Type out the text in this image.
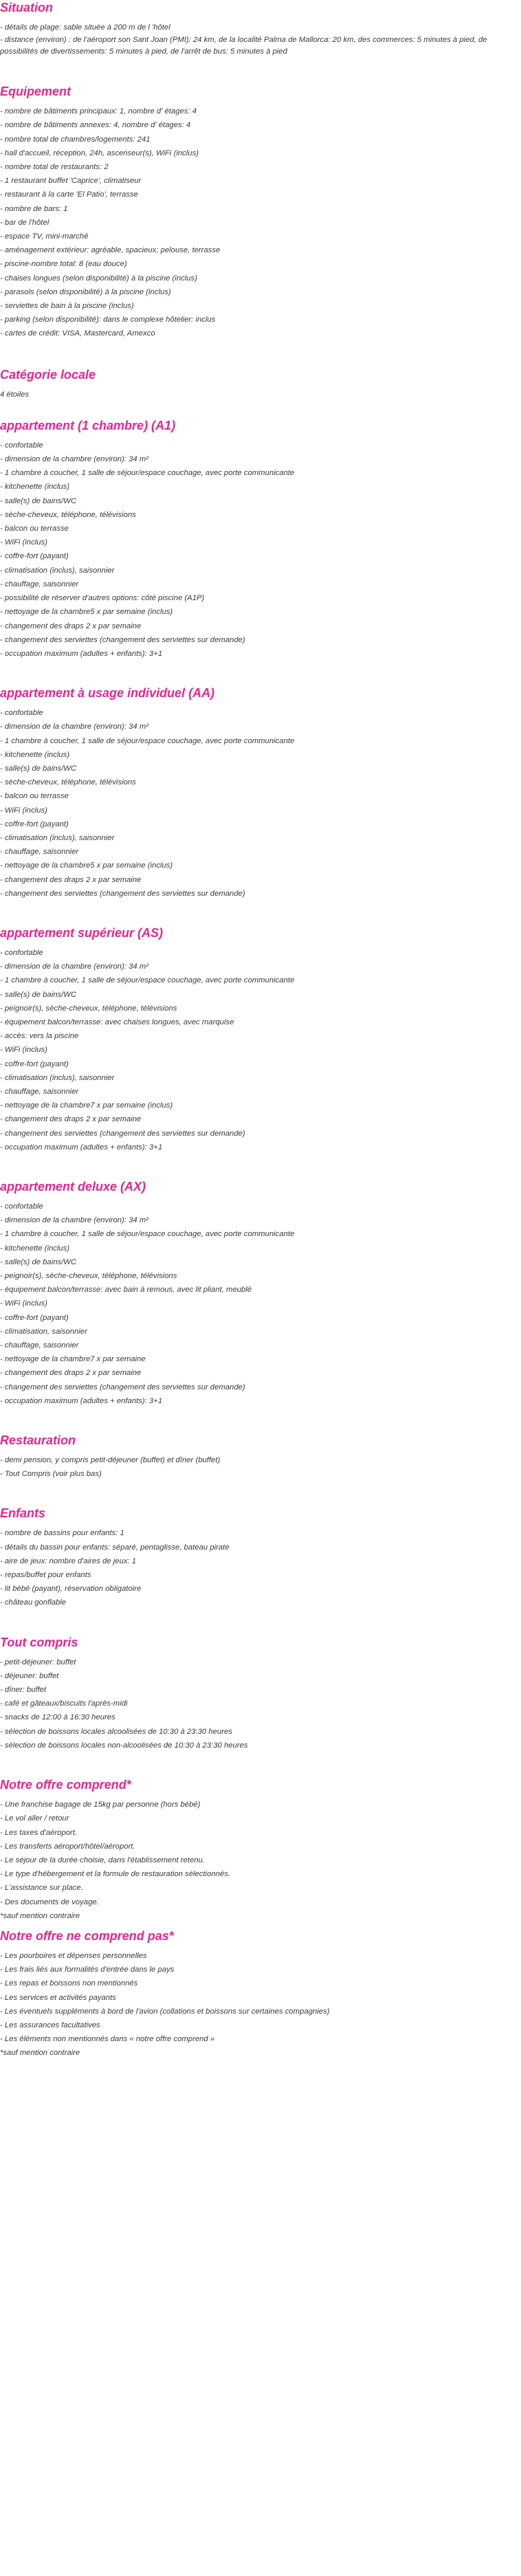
Situation

- détails de plage: sable située à 200 m de l 'hôtel

- distance (environ) : de l'aéroport son Sant Joan (PMI): 24 km, de la localité Palma de Mallorca: 20 km, des commerces: 5 minutes à pied, de possibilités de divertissements: 5 minutes à pied, de l'arrêt de bus: 5 minutes à pied

Equipement

- nombre de bâtiments principaux: 1, nombre d' étages: 4

- nombre de bâtiments annexes: 4, nombre d' étages: 4

- nombre total de chambres/logements: 241

- hall d'accueil, réception, 24h, ascenseur(s), WiFi (inclus)

- nombre total de restaurants: 2

- 1 restaurant buffet 'Caprice', climatiseur

- restaurant à la carte 'El Patio', terrasse

- nombre de bars: 1

- bar de l'hôtel

- espace TV, mini-marché

- aménagement extérieur: agréable, spacieux; pelouse, terrasse

- piscine-nombre total: 8 (eau douce)

- chaises longues (selon disponibilité) à la piscine (inclus)

- parasols (selon disponibilité) à la piscine (inclus)

- serviettes de bain à la piscine (inclus)

- parking (selon disponibilité): dans le complexe hôtelier: inclus

- cartes de crédit: VISA, Mastercard, Amexco

Catégorie locale

4 étoiles

appartement (1 chambre) (A1)

- confortable

- dimension de la chambre (environ): 34 m²

- 1 chambre à coucher, 1 salle de séjour/espace couchage, avec porte communicante

- kitchenette (inclus)

- salle(s) de bains/WC

- sèche-cheveux, téléphone, télévisions

- balcon ou terrasse

- WiFi (inclus)

- coffre-fort (payant)

- climatisation (inclus), saisonnier

- chauffage, saisonnier

- possibilité de réserver d'autres options: côté piscine (A1P)

- nettoyage de la chambre5 x par semaine (inclus)

- changement des draps 2 x par semaine

- changement des serviettes (changement des serviettes sur demande)

- occupation maximum (adultes + enfants): 3+1

appartement à usage individuel (AA)

- confortable

- dimension de la chambre (environ): 34 m²

- 1 chambre à coucher, 1 salle de séjour/espace couchage, avec porte communicante

- kitchenette (inclus)

- salle(s) de bains/WC

- sèche-cheveux, téléphone, télévisions

- balcon ou terrasse

- WiFi (inclus)

- coffre-fort (payant)

- climatisation (inclus), saisonnier

- chauffage, saisonnier

- nettoyage de la chambre5 x par semaine (inclus)

- changement des draps 2 x par semaine

- changement des serviettes (changement des serviettes sur demande)

appartement supérieur (AS)

- confortable

- dimension de la chambre (environ): 34 m²

- 1 chambre à coucher, 1 salle de séjour/espace couchage, avec porte communicante

- salle(s) de bains/WC

- peignoir(s), sèche-cheveux, téléphone, télévisions

- équipement balcon/terrasse: avec chaises longues, avec marquise

- accès: vers la piscine

- WiFi (inclus)

- coffre-fort (payant)

- climatisation (inclus), saisonnier

- chauffage, saisonnier

- nettoyage de la chambre7 x par semaine (inclus)

- changement des draps 2 x par semaine

- changement des serviettes (changement des serviettes sur demande)

- occupation maximum (adultes + enfants): 3+1

appartement deluxe (AX)

- confortable

- dimension de la chambre (environ): 34 m²

- 1 chambre à coucher, 1 salle de séjour/espace couchage, avec porte communicante

- kitchenette (inclus)

- salle(s) de bains/WC

- peignoir(s), sèche-cheveux, téléphone, télévisions

- équipement balcon/terrasse: avec bain à remous, avec lit pliant, meublé

- WiFi (inclus)

- coffre-fort (payant)

- climatisation, saisonnier

- chauffage, saisonnier

- nettoyage de la chambre7 x par semaine

- changement des draps 2 x par semaine

- changement des serviettes (changement des serviettes sur demande)

- occupation maximum (adultes + enfants): 3+1

Restauration

- demi pension, y compris petit-déjeuner (buffet) et dîner (buffet)

- Tout Compris (voir plus bas)

Enfants

- nombre de bassins pour enfants: 1

- détails du bassin pour enfants: séparé, pentaglisse, bateau pirate

- aire de jeux: nombre d'aires de jeux: 1

- repas/buffet pour enfants

- lit bébé (payant), réservation obligatoire

- château gonflable

Tout compris

- petit-déjeuner: buffet

- déjeuner: buffet

- dîner: buffet

- café et gâteaux/biscuits l'après-midi

- snacks de 12:00 à 16:30 heures

- sélection de boissons locales alcoolisées de 10:30 à 23:30 heures

- sélection de boissons locales non-alcoolisées de 10:30 à 23:30 heures

Notre offre comprend*

- Une franchise bagage de 15kg par personne (hors bébé)

- Le vol aller / retour

- Les taxes d'aéroport.

- Les transferts aéroport/hôtel/aéroport.

- Le séjour de la durée choisie, dans l'établissement retenu.

- Le type d'hébergement et la formule de restauration sélectionnés.

- L'assistance sur place.

- Des documents de voyage.

*sauf mention contraire

Notre offre ne comprend pas*

- Les pourboires et dépenses personnelles

- Les frais liés aux formalités d'entrée dans le pays

- Les repas et boissons non mentionnés

- Les services et activités payants

- Les éventuels suppléments à bord de l'avion (collations et boissons sur certaines compagnies)

- Les assurances facultatives

- Les éléments non mentionnés dans « notre offre comprend »

*sauf mention contraire
